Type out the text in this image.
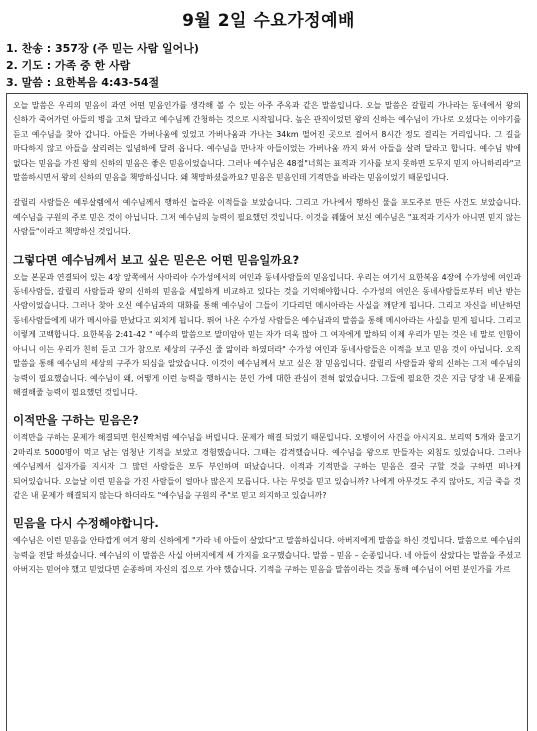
9월 2일 수요가정예배
1. 찬송 : 357장 (주 믿는 사람 일어나)
2. 기도 : 가족 중 한 사람
3. 말씀 : 요한복음 4:43-54절

오늘 말씀은 우리의 믿음이 과연 어떤 믿음인가를 생각해 볼 수 있는 아주 주옥과 같은 말씀입니다. 오늘 말씀은 갈릴리 가나라는 동네에서 왕의 신하가 죽어가던 아들의 병을 고쳐 달라고 예수님께 간청하는 것으로 시작됩니다. 높은 관직이었던 왕의 신하는 예수님이 가나로 오셨다는 이야기를 듣고 예수님을 찾아 갑니다. 아들은 가버나움에 있었고 가버나움과 가나는 34km 떨어진 곳으로 걸어서 8시간 정도 걸리는 거리입니다. 그 길을 마다하지 않고 아들을 살리려는 일념하에 달려 옵니다. 예수님을 만나자 아들이었는 가버나움 까지 와서 아들을 살려 달라고 합니다. 예수님 밖에 없다는 믿음을 가진 왕의 신하의 믿음은 좋은 믿음이었습니다. 그러나 예수님은 48절"너희는 표적과 기사를 보지 못하면 도무지 믿지 아니하리라"고 말씀하시면서 왕의 신하의 믿음을 책망하십니다. 왜 책망하셨을까요? 믿음은 믿음인데 기적만을 바라는 믿음이었기 때문입니다.

갈릴리 사람들은 예루살렘에서 예수님께서 행하신 놀라운 이적들을 보았습니다. 그리고 가나에서 행하신 물을 포도주로 만든 사건도 보았습니다. 예수님을 구원의 주로 믿은 것이 아닙니다. 그저 예수님의 능력이 필요했던 것입니다. 이것을 꿰뚫어 보신 예수님은 "표적과 기사가 아니면 믿지 않는 사람들"이라고 책망하신 것입니다.

그렇다면 예수님께서 보고 싶은 믿은은 어떤 믿음일까요?

오늘 본문과 연결되어 있는 4장 앞쪽에서 사마리아 수가성에서의 여인과 동네사람들의 믿음입니다. 우리는 여기서 요한복음 4장에 수가성에 여인과 동네사람들, 갈릴리 사람들과 왕의 신하의 믿음을 세밀하게 비교하고 있다는 것을 기억해야합니다. 수가성의 여인은 동네사람들로부터 비난 받는 사람이었습니다. 그러나 찾아 오신 예수님과의 대화를 통해 예수님이 그들이 기다리던 메시아라는 사실을 깨닫게 됩니다. 그리고 자신을 비난하던 동네사람들에게 내가 메시아를 만났다고 외치게 됩니다. 뛰어 나온 수가성 사람들은 예수님과의 말씀을 통해 메시아라는 사실을 믿게 됩니다. 그리고 이렇게 고백합니다. 요한복음 2:41-42 " 예수의 말씀으로 말미암아 믿는 자가 더욱 많아 그 여자에게 말하되 이제 우리가 믿는 것은 네 말로 인함이 아니니 이는 우리가 친히 듣고 그가 참으로 세상의 구주신 줄 앎이라 하였더라" 수가성 여인과 동네사람들은 이적을 보고 믿음 것이 아닙니다. 오직 말씀을 통해 예수님의 세상의 구주가 되심을 알았습니다. 이것이 예수님께서 보고 싶은 참 믿음입니다. 갈릴리 사람들과 왕의 신하는 그저 예수님의 능력이 필요했습니다. 예수님이 왜, 어떻게 이런 능력을 행하시는 분인 가에 대한 관심이 전혀 없었습니다. 그들에 필요한 것은 지금 당장 내 문제를 해결해줄 능력이 필요했던 것입니다.

이적만을 구하는 믿음은?

이적만을 구하는 문제가 해결되면 헌신짝처럼 예수님을 버립니다. 문제가 해결 되었기 때문입니다. 오병이어 사건을 아시지요. 보리떡 5개와 물고기 2마리로 5000명이 먹고 남는 엄청난 기적을 보았고 경험했습니다. 그때는 감격했습니다. 예수님을 왕으로 만들자는 외침도 있었습니다. 그러나 예수님께서 십자가를 지시자 그 많던 사람들은 모두 부인하며 떠났습니다. 이적과 기적만을 구하는 믿음은 결국 구할 것을 구하면 떠나게 되어있습니다. 오늘날 이런 믿음을 가진 사람들이 얼마나 많은지 모릅니다. 나는 무엇을 믿고 있습니까? 나에게 아무것도 주지 않아도, 지금 죽을 것 같은 내 문제가 해결되지 않는다 하더라도 "예수님을 구원의 주"로 믿고 의지하고 있습니까?

믿음을 다시 수정해야합니다.

예수님은 이런 믿음을 안타깝게 여겨 왕의 신하에게 "가라 네 아들이 살았다"고 말씀하십니다. 아버지에게 말씀을 하신 것입니다. 말씀으로 예수님의 능력을 전달 하셨습니다. 예수님의 이 말씀은 사실 아버지에게 세 가지를 요구했습니다. 말씀 – 믿음 – 순종입니다. 네 아들이 살았다는 말씀을 주셨고 아버지는 믿어야 했고 믿었다면 순종하며 자신의 집으로 가야 했습니다. 기적을 구하는 믿음을 말씀이라는 것을 통해 예수님이 어떤 분인가를 가르
